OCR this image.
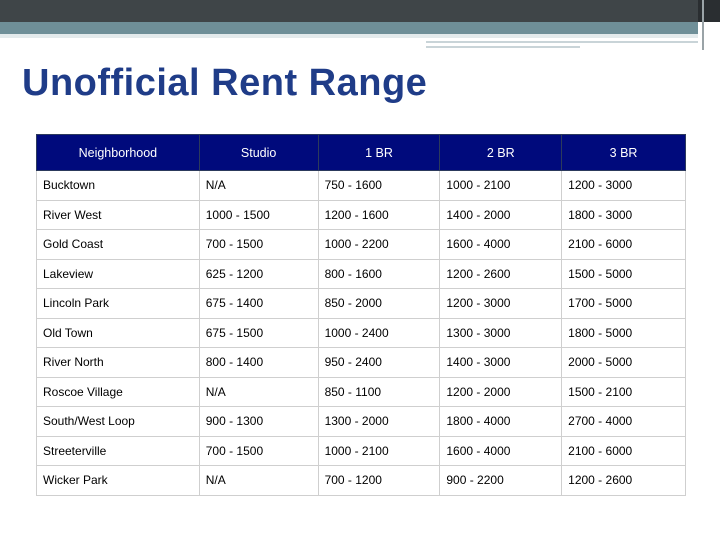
Unofficial Rent Range
Neighborhood	Studio	1 BR	2 BR	3 BR
Bucktown	N/A	750 - 1600	1000 - 2100	1200 - 3000
River West	1000 - 1500	1200 - 1600	1400 - 2000	1800 - 3000
Gold Coast	700 - 1500	1000 - 2200	1600 - 4000	2100 - 6000
Lakeview	625 - 1200	800 - 1600	1200 - 2600	1500 - 5000
Lincoln Park	675 - 1400	850 - 2000	1200 - 3000	1700 - 5000
Old Town	675 - 1500	1000 - 2400	1300 - 3000	1800 - 5000
River North	800 - 1400	950 - 2400	1400 - 3000	2000 - 5000
Roscoe Village	N/A	850 - 1100	1200 - 2000	1500 - 2100
South/West Loop	900 - 1300	1300 - 2000	1800 - 4000	2700 - 4000
Streeterville	700 - 1500	1000 - 2100	1600 - 4000	2100 - 6000
Wicker Park	N/A	700 - 1200	900 - 2200	1200 - 2600
